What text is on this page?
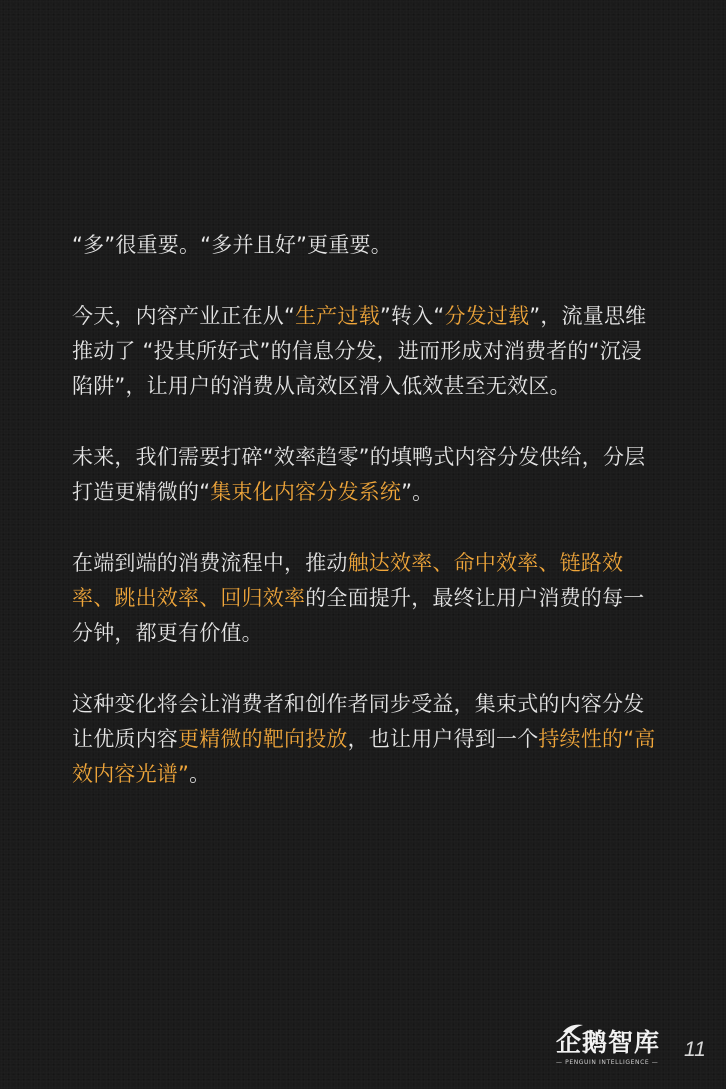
“多”很重要。“多并且好”更重要。

今天，内容产业正在从“生产过载”转入“分发过载”，流量思维推动了 “投其所好式”的信息分发，进而形成对消费者的“沉浸陷阱”，让用户的消费从高效区滑入低效甚至无效区。

未来，我们需要打碎“效率趋零”的填鸭式内容分发供给，分层打造更精微的“集束化内容分发系统”。

在端到端的消费流程中，推动触达效率、命中效率、链路效率、跳出效率、回归效率的全面提升，最终让用户消费的每一分钟，都更有价值。

这种变化将会让消费者和创作者同步受益，集束式的内容分发让优质内容更精微的靶向投放，也让用户得到一个持续性的“高效内容光谱”。

企鹅智库
— PENGUIN INTELLIGENCE —
11
